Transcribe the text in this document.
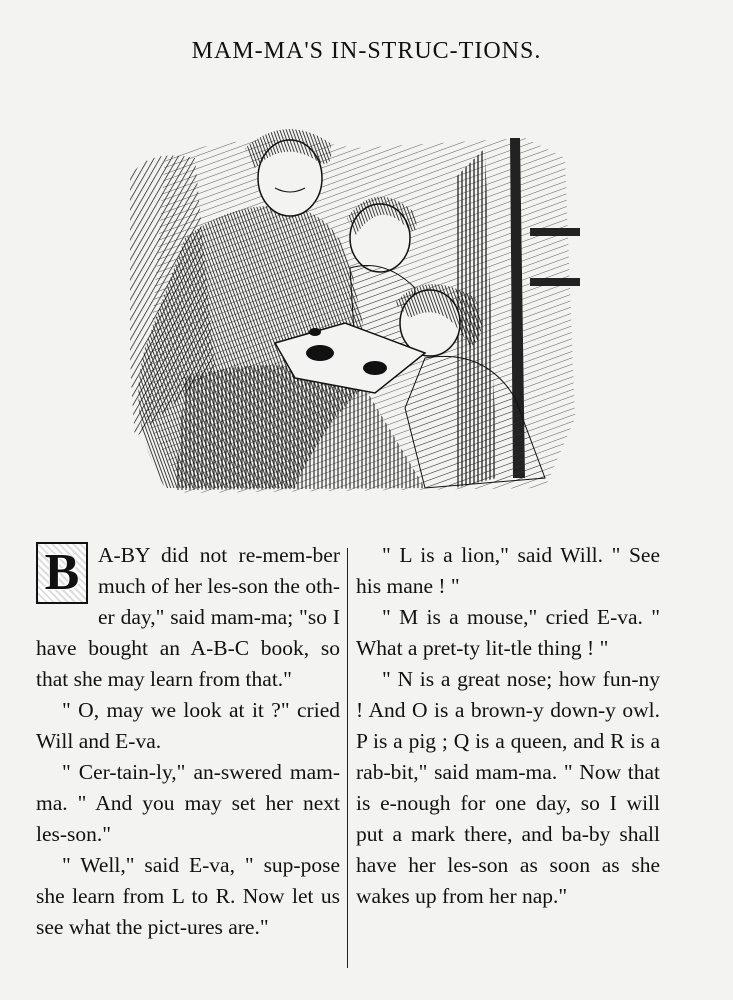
MAM-MA'S IN-STRUC-TIONS.
B A-BY did not re-mem-ber much of her les-son the oth-er day," said mam-ma; "so I have bought an A-B-C book, so that she may learn from that."

" O, may we look at it ?" cried Will and E-va.

" Cer-tain-ly," an-swered mam-ma. " And you may set her next les-son."

" Well," said E-va, " sup-pose she learn from L to R. Now let us see what the pict-ures are."

" L is a lion," said Will. " See his mane ! "

" M is a mouse," cried E-va. " What a pret-ty lit-tle thing ! "

" N is a great nose; how fun-ny ! And O is a brown-y down-y owl. P is a pig ; Q is a queen, and R is a rab-bit," said mam-ma. " Now that is e-nough for one day, so I will put a mark there, and ba-by shall have her les-son as soon as she wakes up from her nap."
